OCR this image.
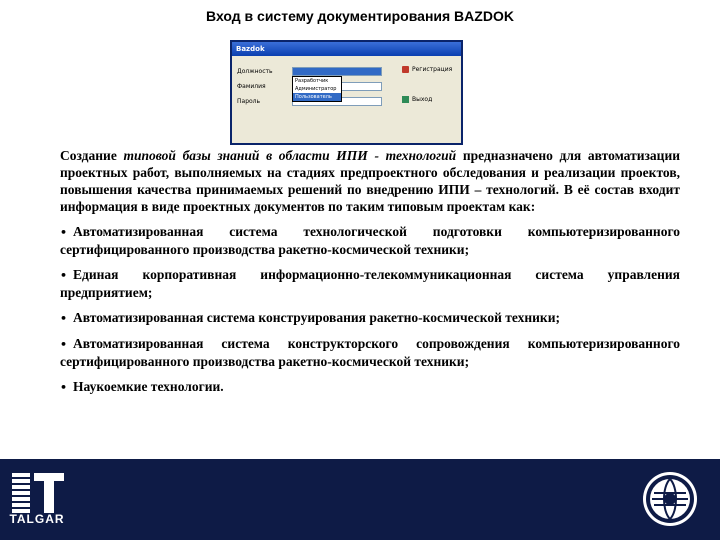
Вход в систему документирования BAZDOK
Bazdok
Должность
Фамилия
Пароль
Разработчик
Администратор
Пользователь
Регистрация
Выход

Создание типовой базы знаний в области ИПИ - технологий предназначено для автоматизации проектных работ, выполняемых на стадиях предпроектного обследования и реализации проектов, повышения качества принимаемых решений по внедрению ИПИ – технологий. В её состав входит информация в виде проектных документов по таким типовым проектам как:

• Автоматизированная система технологической подготовки компьютеризированного сертифицированного производства ракетно-космической техники;

• Единая корпоративная информационно-телекоммуникационная система управления предприятием;

• Автоматизированная система конструирования ракетно-космической техники;

• Автоматизированная система конструкторского сопровождения компьютеризированного сертифицированного производства ракетно-космической техники;

• Наукоемкие технологии.

TALGAR
